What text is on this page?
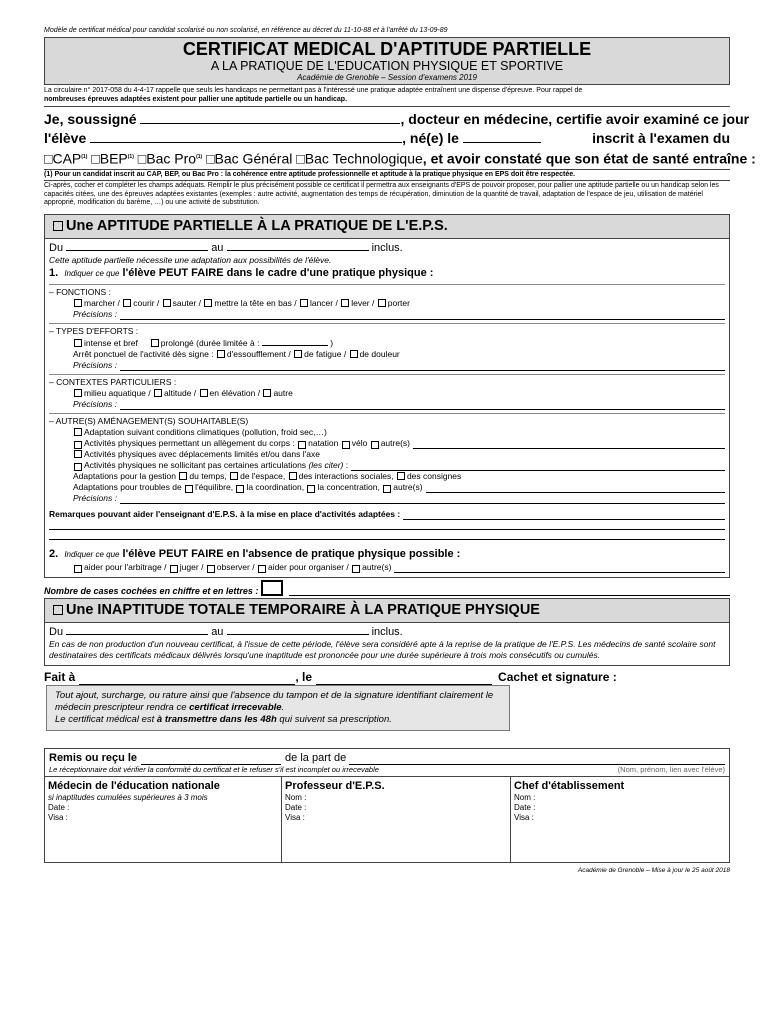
Modèle de certificat médical pour candidat scolarisé ou non scolarisé, en référence au décret du 11-10-88 et à l'arrêté du 13-09-89
CERTIFICAT MEDICAL D'APTITUDE PARTIELLE
A LA PRATIQUE DE L'EDUCATION PHYSIQUE ET SPORTIVE
Académie de Grenoble – Session d'examens 2019
La circulaire n° 2017-058 du 4-4-17 rappelle que seuls les handicaps ne permettant pas à l'intéressé une pratique adaptée entraînent une dispense d'épreuve. Pour rappel de
nombreuses épreuves adaptées existent pour pallier une aptitude partielle ou un handicap.
Je, soussigné	, docteur en médecine, certifie avoir examiné ce jour
l'élève	, né(e) le	inscrit à l'examen du
□CAP$^{(1)}$ □BEP$^{(1)}$ □Bac Pro$^{(1)}$ □Bac Général □Bac Technologique, et avoir constaté que son état de santé entraîne :
(1) Pour un candidat inscrit au CAP, BEP, ou Bac Pro : la cohérence entre aptitude professionnelle et aptitude à la pratique physique en EPS doit être respectée.
Ci-après, cocher et compléter les champs adéquats. Remplir le plus précisément possible ce certificat il permettra aux enseignants d'EPS de pouvoir proposer, pour pallier une aptitude partielle ou un handicap selon les capacités citées, une des épreuves adaptées existantes (exemples : autre activité, augmentation des temps de récupération, diminution de la quantité de travail, adaptation de l'espace de jeu, utilisation de matériel approprié, modification du barème, …) ou une activité de substitution.
Une APTITUDE PARTIELLE À LA PRATIQUE DE L'E.P.S.
Du	au	inclus.
Cette aptitude partielle nécessite une adaptation aux possibilités de l'élève.
1. Indiquer ce que l'élève PEUT FAIRE dans le cadre d'une pratique physique :
– FONCTIONS :
marcher / courir / sauter / mettre la tête en bas / lancer / lever / porter
Précisions :
– TYPES D'EFFORTS :
intense et bref	prolongé (durée limitée à :	)
Arrêt ponctuel de l'activité dès signe : d'essoufflement / de fatigue / de douleur
Précisions :
– CONTEXTES PARTICULIERS :
milieu aquatique / altitude / en élévation / autre
Précisions :
– AUTRE(S) AMÉNAGEMENT(S) SOUHAITABLE(S)
Adaptation suivant conditions climatiques (pollution, froid sec,…)
Activités physiques permettant un allègement du corps :
natation
vélo
autre(s)
Activités physiques avec déplacements limités et/ou dans l'axe
Activités physiques ne sollicitant pas certaines articulations
(les citer) :
Adaptations pour la gestion du temps, de l'espace, des interactions sociales, des consignes
Adaptations pour troubles de
l'équilibre,
la coordination,
la concentration,
autre(s)
Précisions :
Remarques pouvant aider l'enseignant d'E.P.S. à la mise en place d'activités adaptées :
2. Indiquer ce que l'élève PEUT FAIRE en l'absence de pratique physique possible :
aider pour l'arbitrage / juger / observer / aider pour organiser / autre(s)
Nombre de cases cochées en chiffre et en lettres :
Une INAPTITUDE TOTALE TEMPORAIRE À LA PRATIQUE PHYSIQUE
Du	au	inclus.
En cas de non production d'un nouveau certificat, à l'issue de cette période, l'élève sera considéré apte à la reprise de la pratique de l'E.P.S. Les médecins de santé scolaire sont destinataires des certificats médicaux délivrés lorsqu'une inaptitude est prononcée pour une durée supérieure à trois mois consécutifs ou cumulés.
Fait à	, le	Cachet et signature :
Tout ajout, surcharge, ou rature ainsi que l'absence du tampon et de la signature identifiant clairement le médecin prescripteur rendra ce certificat irrecevable.
Le certificat médical est à transmettre dans les 48h qui suivent sa prescription.
Remis ou reçu le	de la part de
Le réceptionnaire doit vérifier la conformité du certificat et le refuser s'il est incomplet ou irrecevable	(Nom, prénom, lien avec l'élève)
Médecin de l'éducation nationale
si inaptitudes cumulées supérieures à 3 mois
Date :
Visa :
Professeur d'E.P.S.
Nom :
Date :
Visa :
Chef d'établissement
Nom :
Date :
Visa :
Académie de Grenoble – Mise à jour le 25 août 2018
